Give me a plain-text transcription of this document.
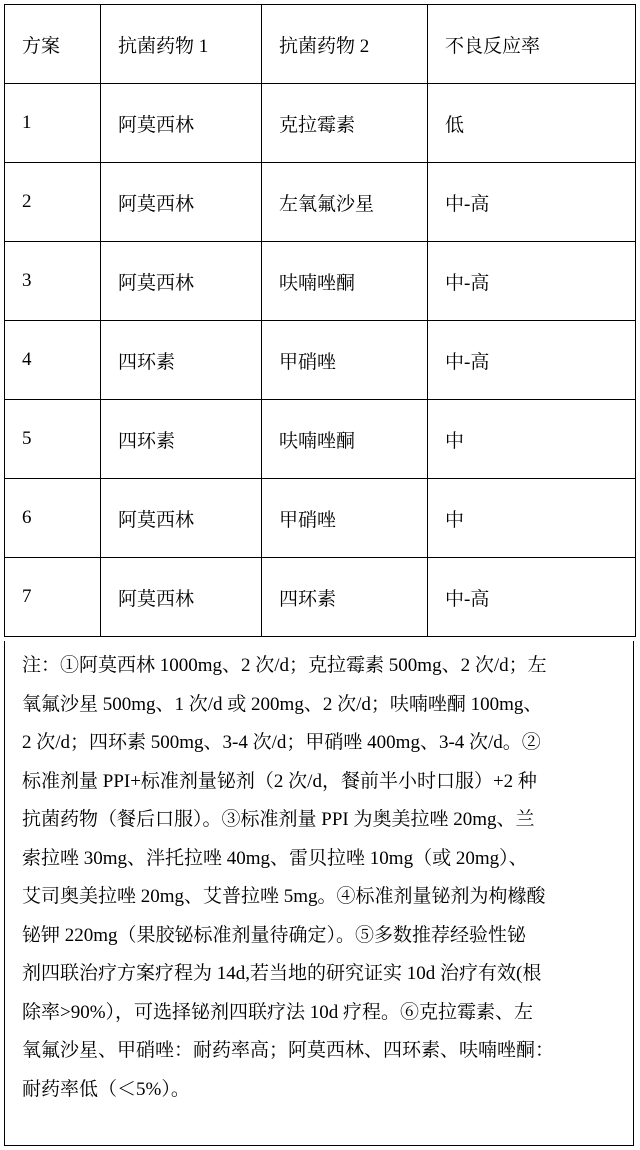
方案	抗菌药物 1	抗菌药物 2	不良反应率
1	阿莫西林	克拉霉素	低
2	阿莫西林	左氧氟沙星	中-高
3	阿莫西林	呋喃唑酮	中-高
4	四环素	甲硝唑	中-高
5	四环素	呋喃唑酮	中
6	阿莫西林	甲硝唑	中
7	阿莫西林	四环素	中-高
注：①阿莫西林 1000mg、2 次/d；克拉霉素 500mg、2 次/d；左
氧氟沙星 500mg、1 次/d 或 200mg、2 次/d；呋喃唑酮 100mg、
2 次/d；四环素 500mg、3-4 次/d；甲硝唑 400mg、3-4 次/d。②
标准剂量 PPI+标准剂量铋剂（2 次/d，餐前半小时口服）+2 种
抗菌药物（餐后口服）。③标准剂量 PPI 为奥美拉唑 20mg、兰
索拉唑 30mg、泮托拉唑 40mg、雷贝拉唑 10mg（或 20mg）、
艾司奥美拉唑 20mg、艾普拉唑 5mg。④标准剂量铋剂为枸橼酸
铋钾 220mg（果胶铋标准剂量待确定）。⑤多数推荐经验性铋
剂四联治疗方案疗程为 14d,若当地的研究证实 10d 治疗有效(根
除率>90%），可选择铋剂四联疗法 10d 疗程。⑥克拉霉素、左
氧氟沙星、甲硝唑：耐药率高；阿莫西林、四环素、呋喃唑酮：
耐药率低（＜5%）。
